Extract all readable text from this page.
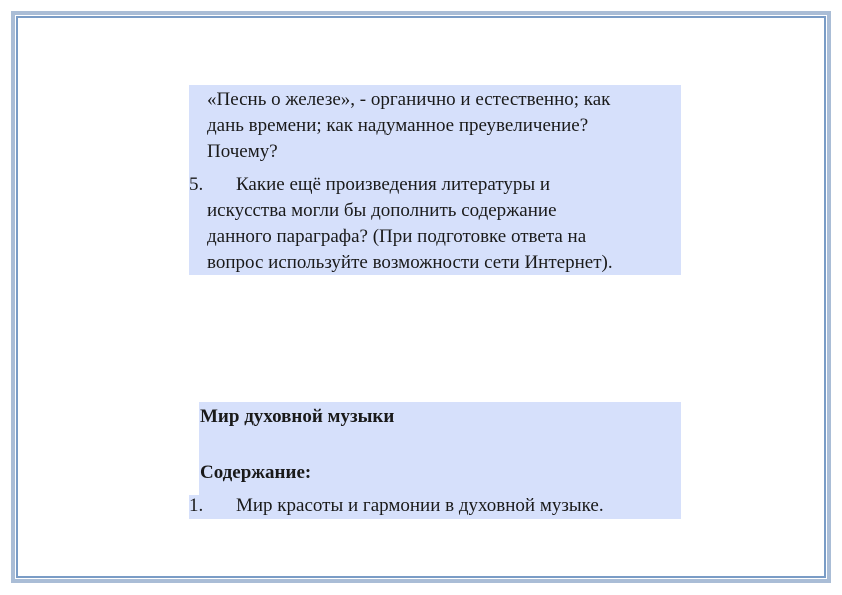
«Песнь о железе», - органично и естественно; как
дань времени; как надуманное преувеличение?
Почему?
5. Какие ещё произведения литературы и
искусства могли бы дополнить содержание
данного параграфа? (При подготовке ответа на
вопрос используйте возможности сети Интернет).
Мир духовной музыки
Содержание:
1. Мир красоты и гармонии в духовной музыке.
